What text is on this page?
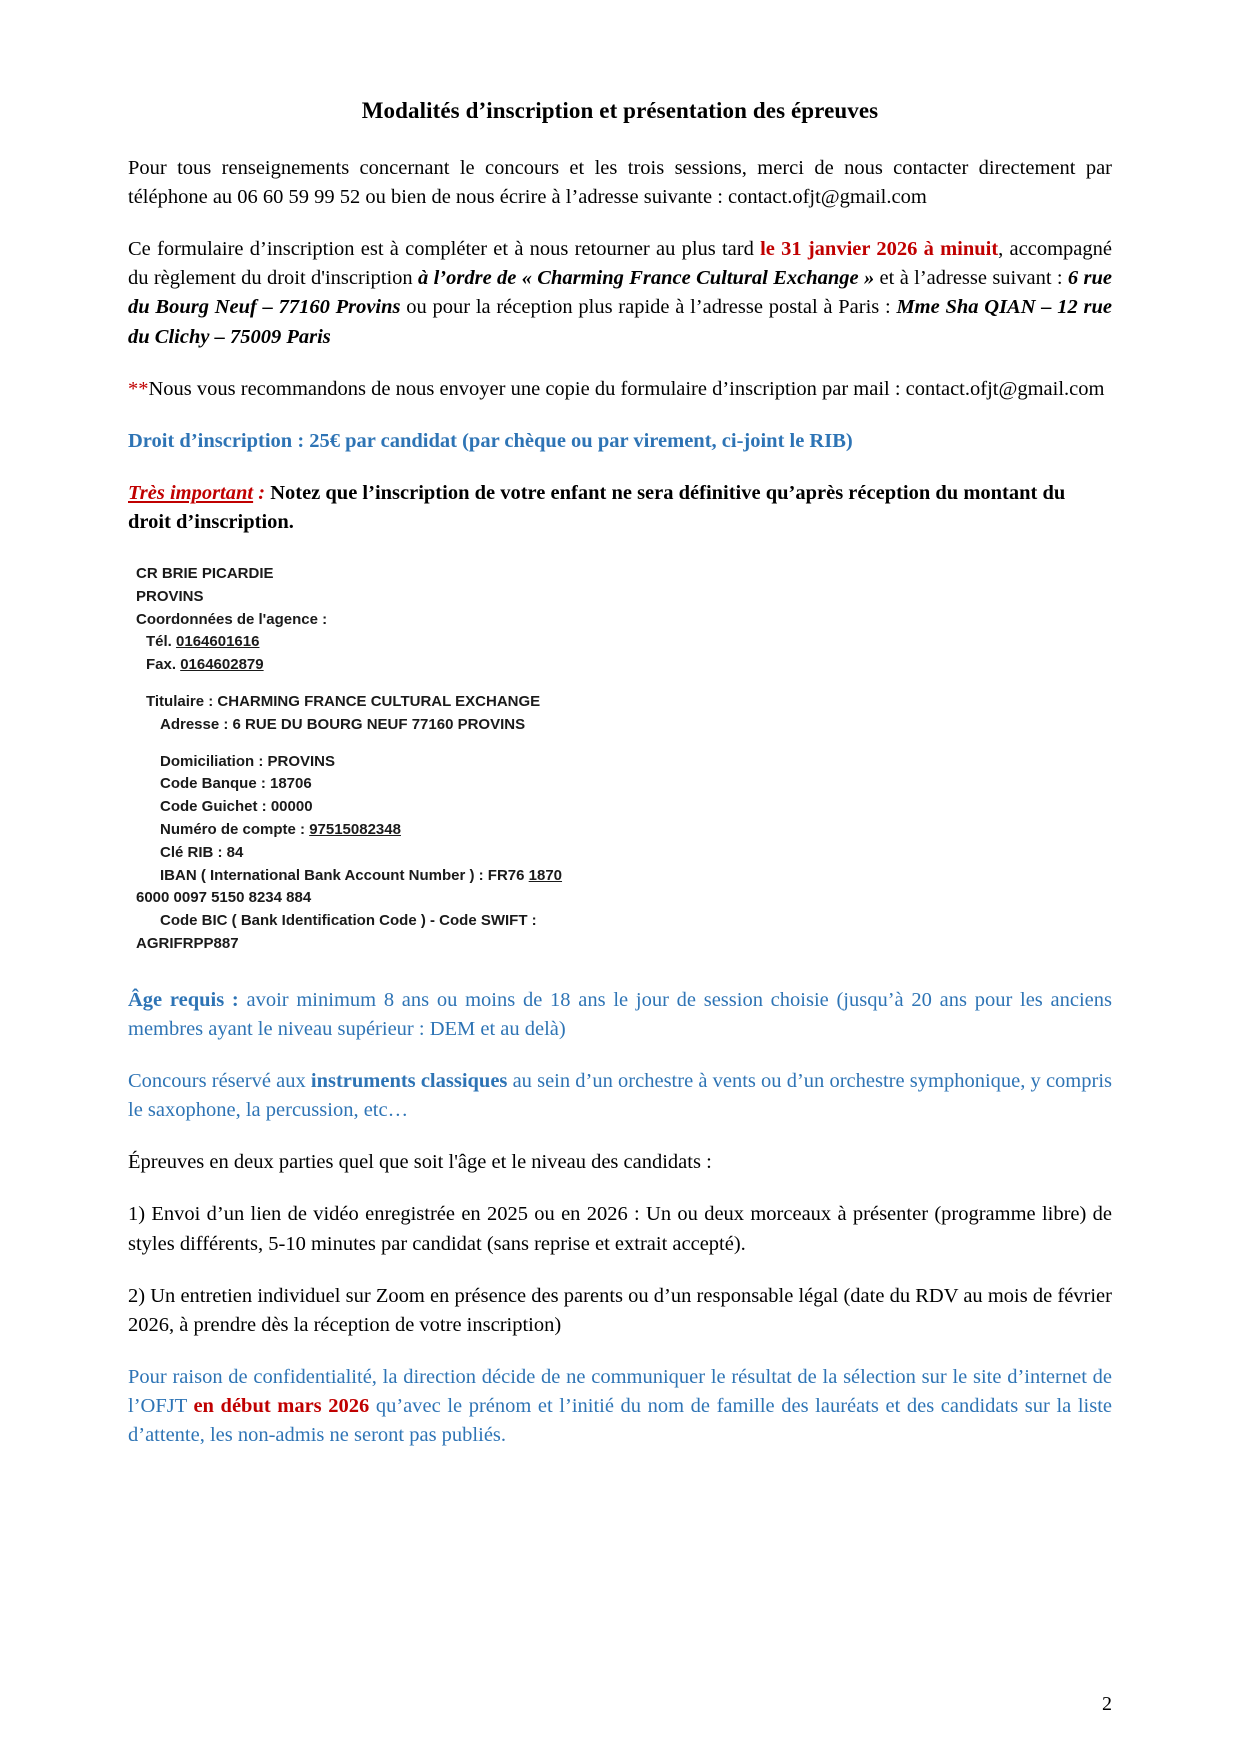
Modalités d’inscription et présentation des épreuves

Pour tous renseignements concernant le concours et les trois sessions, merci de nous contacter directement par téléphone au 06 60 59 99 52 ou bien de nous écrire à l’adresse suivante : contact.ofjt@gmail.com

Ce formulaire d’inscription est à compléter et à nous retourner au plus tard le 31 janvier 2026 à minuit, accompagné du règlement du droit d'inscription à l’ordre de « Charming France Cultural Exchange » et à l’adresse suivant : 6 rue du Bourg Neuf – 77160 Provins ou pour la réception plus rapide à l’adresse postal à Paris : Mme Sha QIAN – 12 rue du Clichy – 75009 Paris

**Nous vous recommandons de nous envoyer une copie du formulaire d’inscription par mail : contact.ofjt@gmail.com

Droit d’inscription : 25€ par candidat (par chèque ou par virement, ci-joint le RIB)

Très important : Notez que l’inscription de votre enfant ne sera définitive qu’après réception du montant du droit d’inscription.

CR BRIE PICARDIE
PROVINS
Coordonnées de l'agence :
Tél. 0164601616
Fax. 0164602879
Titulaire : CHARMING FRANCE CULTURAL EXCHANGE
Adresse : 6 RUE DU BOURG NEUF 77160 PROVINS
Domiciliation : PROVINS
Code Banque : 18706
Code Guichet : 00000
Numéro de compte : 97515082348
Clé RIB : 84
IBAN ( International Bank Account Number ) : FR76 1870
6000 0097 5150 8234 884
Code BIC ( Bank Identification Code ) - Code SWIFT :
AGRIFRPP887

Âge requis : avoir minimum 8 ans ou moins de 18 ans le jour de session choisie (jusqu’à 20 ans pour les anciens membres ayant le niveau supérieur : DEM et au delà)

Concours réservé aux instruments classiques au sein d’un orchestre à vents ou d’un orchestre symphonique, y compris le saxophone, la percussion, etc…

Épreuves en deux parties quel que soit l'âge et le niveau des candidats :

1) Envoi d’un lien de vidéo enregistrée en 2025 ou en 2026 : Un ou deux morceaux à présenter (programme libre) de styles différents, 5-10 minutes par candidat (sans reprise et extrait accepté).

2) Un entretien individuel sur Zoom en présence des parents ou d’un responsable légal (date du RDV au mois de février 2026, à prendre dès la réception de votre inscription)

Pour raison de confidentialité, la direction décide de ne communiquer le résultat de la sélection sur le site d’internet de l’OFJT en début mars 2026 qu’avec le prénom et l’initié du nom de famille des lauréats et des candidats sur la liste d’attente, les non-admis ne seront pas publiés.

2
